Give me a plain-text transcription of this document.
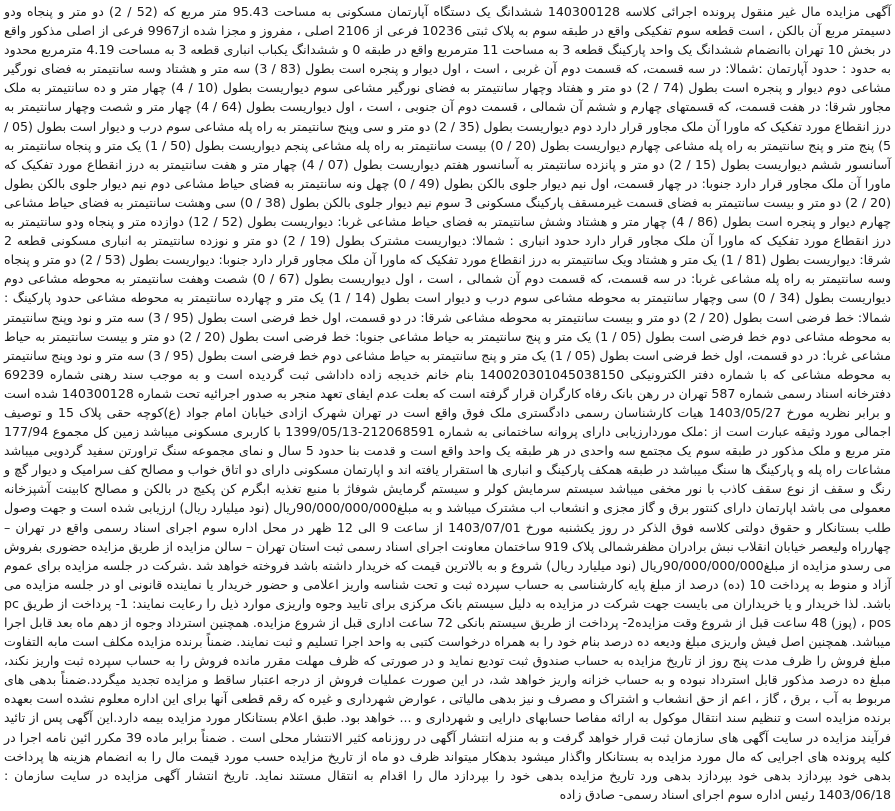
آگهی مزایده مال غیر منقول پرونده اجرائی کلاسه 140300128 ششدانگ یک دستگاه آپارتمان مسکونی به مساحت 95.43 متر مربع که (52 / 2) دو متر و پنجاه ودو دسیمتر مربع آن بالکن ، است قطعه سوم تفکیکی واقع در طبقه سوم به پلاک ثبتی 10236 فرعی از 2106 اصلی ، مفروز و مجزا شده از9967 فرعی از اصلی مذکور واقع در بخش 10 تهران باانضمام ششدانگ یک واحد پارکینگ قطعه 3 به مساحت 11 مترمربع واقع در طبقه 0 و ششدانگ یکباب انباری قطعه 3 به مساحت 4.19 مترمربع محدود به حدود : حدود آپارتمان :شمالا: در سه قسمت، که قسمت دوم آن غربی ، است ، اول دیوار و پنجره است بطول (83 / 3) سه متر و هشتاد وسه سانتیمتر به فضای نورگیر مشاعی دوم دیوار و پنجره است بطول (74 / 2) دو متر و هفتاد وچهار سانتیمتر به فضای نورگیر مشاعی سوم دیواریست بطول (10 / 4) چهار متر و ده سانتیمتر به ملک مجاور شرقا: در هفت قسمت، که قسمتهای چهارم و ششم آن شمالی ، قسمت دوم آن جنوبی ، است ، اول دیواریست بطول (64 / 4) چهار متر و شصت وچهار سانتیمتر به درز انقطاع مورد تفکیک که ماورا آن ملک مجاور قرار دارد دوم دیواریست بطول (35 / 2) دو متر و سی وپنج سانتیمتر به راه پله مشاعی سوم درب و دیوار است بطول (05 / 5) پنج متر و پنج سانتیمتر به راه پله مشاعی چهارم دیواریست بطول (20 / 0) بیست سانتیمتر به راه پله مشاعی پنجم دیواریست بطول (50 / 1) یک متر و پنجاه سانتیمتر به آسانسور ششم دیواریست بطول (15 / 2) دو متر و پانزده سانتیمتر به آسانسور هفتم دیواریست بطول (07 / 4) چهار متر و هفت سانتیمتر به درز انقطاع مورد تفکیک که ماورا آن ملک مجاور قرار دارد جنوبا: در چهار قسمت، اول نیم دیوار جلوی بالکن بطول (49 / 0) چهل ونه سانتیمتر به فضای حیاط مشاعی دوم نیم دیوار جلوی بالکن بطول (20 / 2) دو متر و بیست سانتیمتر به فضای قسمت غیرمسقف پارکینگ مسکونی 3 سوم نیم دیوار جلوی بالکن بطول (38 / 0) سی وهشت سانتیمتر به فضای حیاط مشاعی چهارم دیوار و پنجره است بطول (86 / 4) چهار متر و هشتاد وشش سانتیمتر به فضای حیاط مشاعی غربا: دیواریست بطول (52 / 12) دوازده متر و پنجاه ودو سانتیمتر به درز انقطاع مورد تفکیک که ماورا آن ملک مجاور قرار دارد حدود انباری : شمالا: دیواریست مشترک بطول (19 / 2) دو متر و نوزده سانتیمتر به انباری مسکونی قطعه 2 شرقا: دیواریست بطول (81 / 1) یک متر و هشتاد ویک سانتیمتر به درز انقطاع مورد تفکیک که ماورا آن ملک مجاور قرار دارد جنوبا: دیواریست بطول (53 / 2) دو متر و پنجاه وسه سانتیمتر به راه پله مشاعی غربا: در سه قسمت، که قسمت دوم آن شمالی ، است ، اول دیواریست بطول (67 / 0) شصت وهفت سانتیمتر به محوطه مشاعی دوم دیواریست بطول (34 / 0) سی وچهار سانتیمتر به محوطه مشاعی سوم درب و دیوار است بطول (14 / 1) یک متر و چهارده سانتیمتر به محوطه مشاعی حدود پارکینگ : شمالا: خط فرضی است بطول (20 / 2) دو متر و بیست سانتیمتر به محوطه مشاعی شرقا: در دو قسمت، اول خط فرضی است بطول (95 / 3) سه متر و نود وپنج سانتیمتر به محوطه مشاعی دوم خط فرضی است بطول (05 / 1) یک متر و پنج سانتیمتر به حیاط مشاعی جنوبا: خط فرضی است بطول (20 / 2) دو متر و بیست سانتیمتر به حیاط مشاعی غربا: در دو قسمت، اول خط فرضی است بطول (05 / 1) یک متر و پنج سانتیمتر به حیاط مشاعی دوم خط فرضی است بطول (95 / 3) سه متر و نود وپنج سانتیمتر به محوطه مشاعی که با شماره دفتر الکترونیکی 140020301045038150 بنام خانم خدیجه زاده داداشی ثبت گردیده است و به موجب سند رهنی شماره 69239 دفترخانه اسناد رسمی شماره 587 تهران در رهن بانک رفاه کارگران قرار گرفته است که بعلت عدم ایفای تعهد منجر به صدور اجرائیه تحت شماره 140300128 شده است و برابر نظریه مورخ 1403/05/27 هیات کارشناسان رسمی دادگستری ملک فوق واقع است در تهران شهرک ازادی خیابان امام جواد (ع)کوچه حقی پلاک 15 و توصیف اجمالی مورد وثیقه عبارت است از :ملک موردارزیابی دارای پروانه ساختمانی به شماره 212068591-1399/05/13 با کاربری مسکونی میباشد زمین کل مجموع 177/94 متر مربع و ملک مذکور در طبقه سوم یک مجتمع سه واحدی در هر طبقه یک واحد واقع است و قدمت بنا حدود 5 سال و نمای مجموعه سنگ تراورتن سفید گردویی میباشد مشاعات راه پله و پارکینگ ها سنگ میباشد در طبقه همکف پارکینگ و انباری ها استقرار یافته اند و اپارتمان مسکونی دارای دو اتاق خواب و مصالح کف سرامیک و دیوار گچ و رنگ و سقف از نوع سقف کاذب با نور مخفی میباشد سیستم سرمایش کولر و سیستم گرمایش شوفاژ با منبع تغذیه ابگرم کن پکیج در بالکن و مصالح کابینت آشپزخانه معمولی می باشد اپارتمان دارای کنتور برق و گاز مجزی و انشعاب اب مشترک میباشد و به مبلغ90/000/000/000ریال (نود میلیارد ریال) ارزیابی شده است و جهت وصول طلب بستانکار و حقوق دولتی کلاسه فوق الذکر در روز یکشنبه مورخ 1403/07/01 از ساعت 9 الی 12 ظهر در محل اداره سوم اجرای اسناد رسمی واقع در تهران – چهارراه ولیعصر خیابان انقلاب نبش برادران مظفرشمالی پلاک 919 ساختمان معاونت اجرای اسناد رسمی ثبت استان تهران – سالن مزایده از طریق مزایده حضوری بفروش می رسدو مزایده از مبلغ90/000/000/000ریال (نود میلیارد ریال) شروع و به بالاترین قیمت که خریدار داشته باشد فروخته خواهد شد .شرکت در جلسه مزایده برای عموم آزاد و منوط به پرداخت 10 (ده) درصد از مبلغ پایه کارشناسی به حساب سپرده ثبت و تحت شناسه واریز اعلامی و حضور خریدار یا نماینده قانونی او در جلسه مزایده می باشد. لذا خریدار و یا خریداران می بایست جهت شرکت در مزایده به دلیل سیستم بانک مرکزی برای تایید وجوه واریزی موارد ذیل را رعایت نمایند: 1- پرداخت از طریق pc pos ، (پوز) 48 ساعت قبل از شروع وقت مزایده2- پرداخت از طریق سیستم بانکی 72 ساعت اداری قبل از شروع مزایده. همچنین استرداد وجوه از دهم ماه بعد قابل اجرا میباشد. همچنین اصل فیش واریزی مبلغ ودیعه ده درصد بنام خود را به همراه درخواست کتبی به واحد اجرا تسلیم و ثبت نمایند. ضمناً برنده مزایده مکلف است مابه التفاوت مبلغ فروش را ظرف مدت پنج روز از تاریخ مزایده به حساب صندوق ثبت تودیع نماید و در صورتی که ظرف مهلت مقرر مانده فروش را به حساب سپرده ثبت واریز نکند، مبلغ ده درصد مذکور قابل استرداد نبوده و به حساب خزانه واریز خواهد شد، در این صورت عملیات فروش از درجه اعتبار ساقط و مزایده تجدید میگردد.ضمناً بدهی های مربوط به آب ، برق ، گاز ، اعم از حق انشعاب و اشتراک و مصرف و نیز بدهی مالیاتی ، عوارض شهرداری و غیره که رقم قطعی آنها برای این اداره معلوم نشده است بعهده برنده مزایده است و تنظیم سند انتقال موکول به ارائه مفاصا حسابهای دارایی و شهرداری و ... خواهد بود. طبق اعلام بستانکار مورد مزایده بیمه دارد.این آگهی پس از تائید فرآیند مزایده در سایت آگهی های سازمان ثبت قرار خواهد گرفت و به منزله انتشار آگهی در روزنامه کثیر الانتشار محلی است . ضمناً برابر ماده 39 مکرر ائین نامه اجرا در کلیه پرونده های اجرایی که مال مورد مزایده به بستانکار واگذار میشود بدهکار میتواند ظرف دو ماه از تاریخ مزایده حسب مورد قیمت مال را به انضمام هزینه ها پرداخت بدهی خود بپردازد بدهی خود بپردازد بدهی ورد تاریخ مزایده بدهی خود را بپردازد مال را اقدام به انتقال مستند نماید. تاریخ انتشار آگهی مزایده در سایت سازمان : 1403/06/18 رئیس اداره سوم اجرای اسناد رسمی- صادق زاده
